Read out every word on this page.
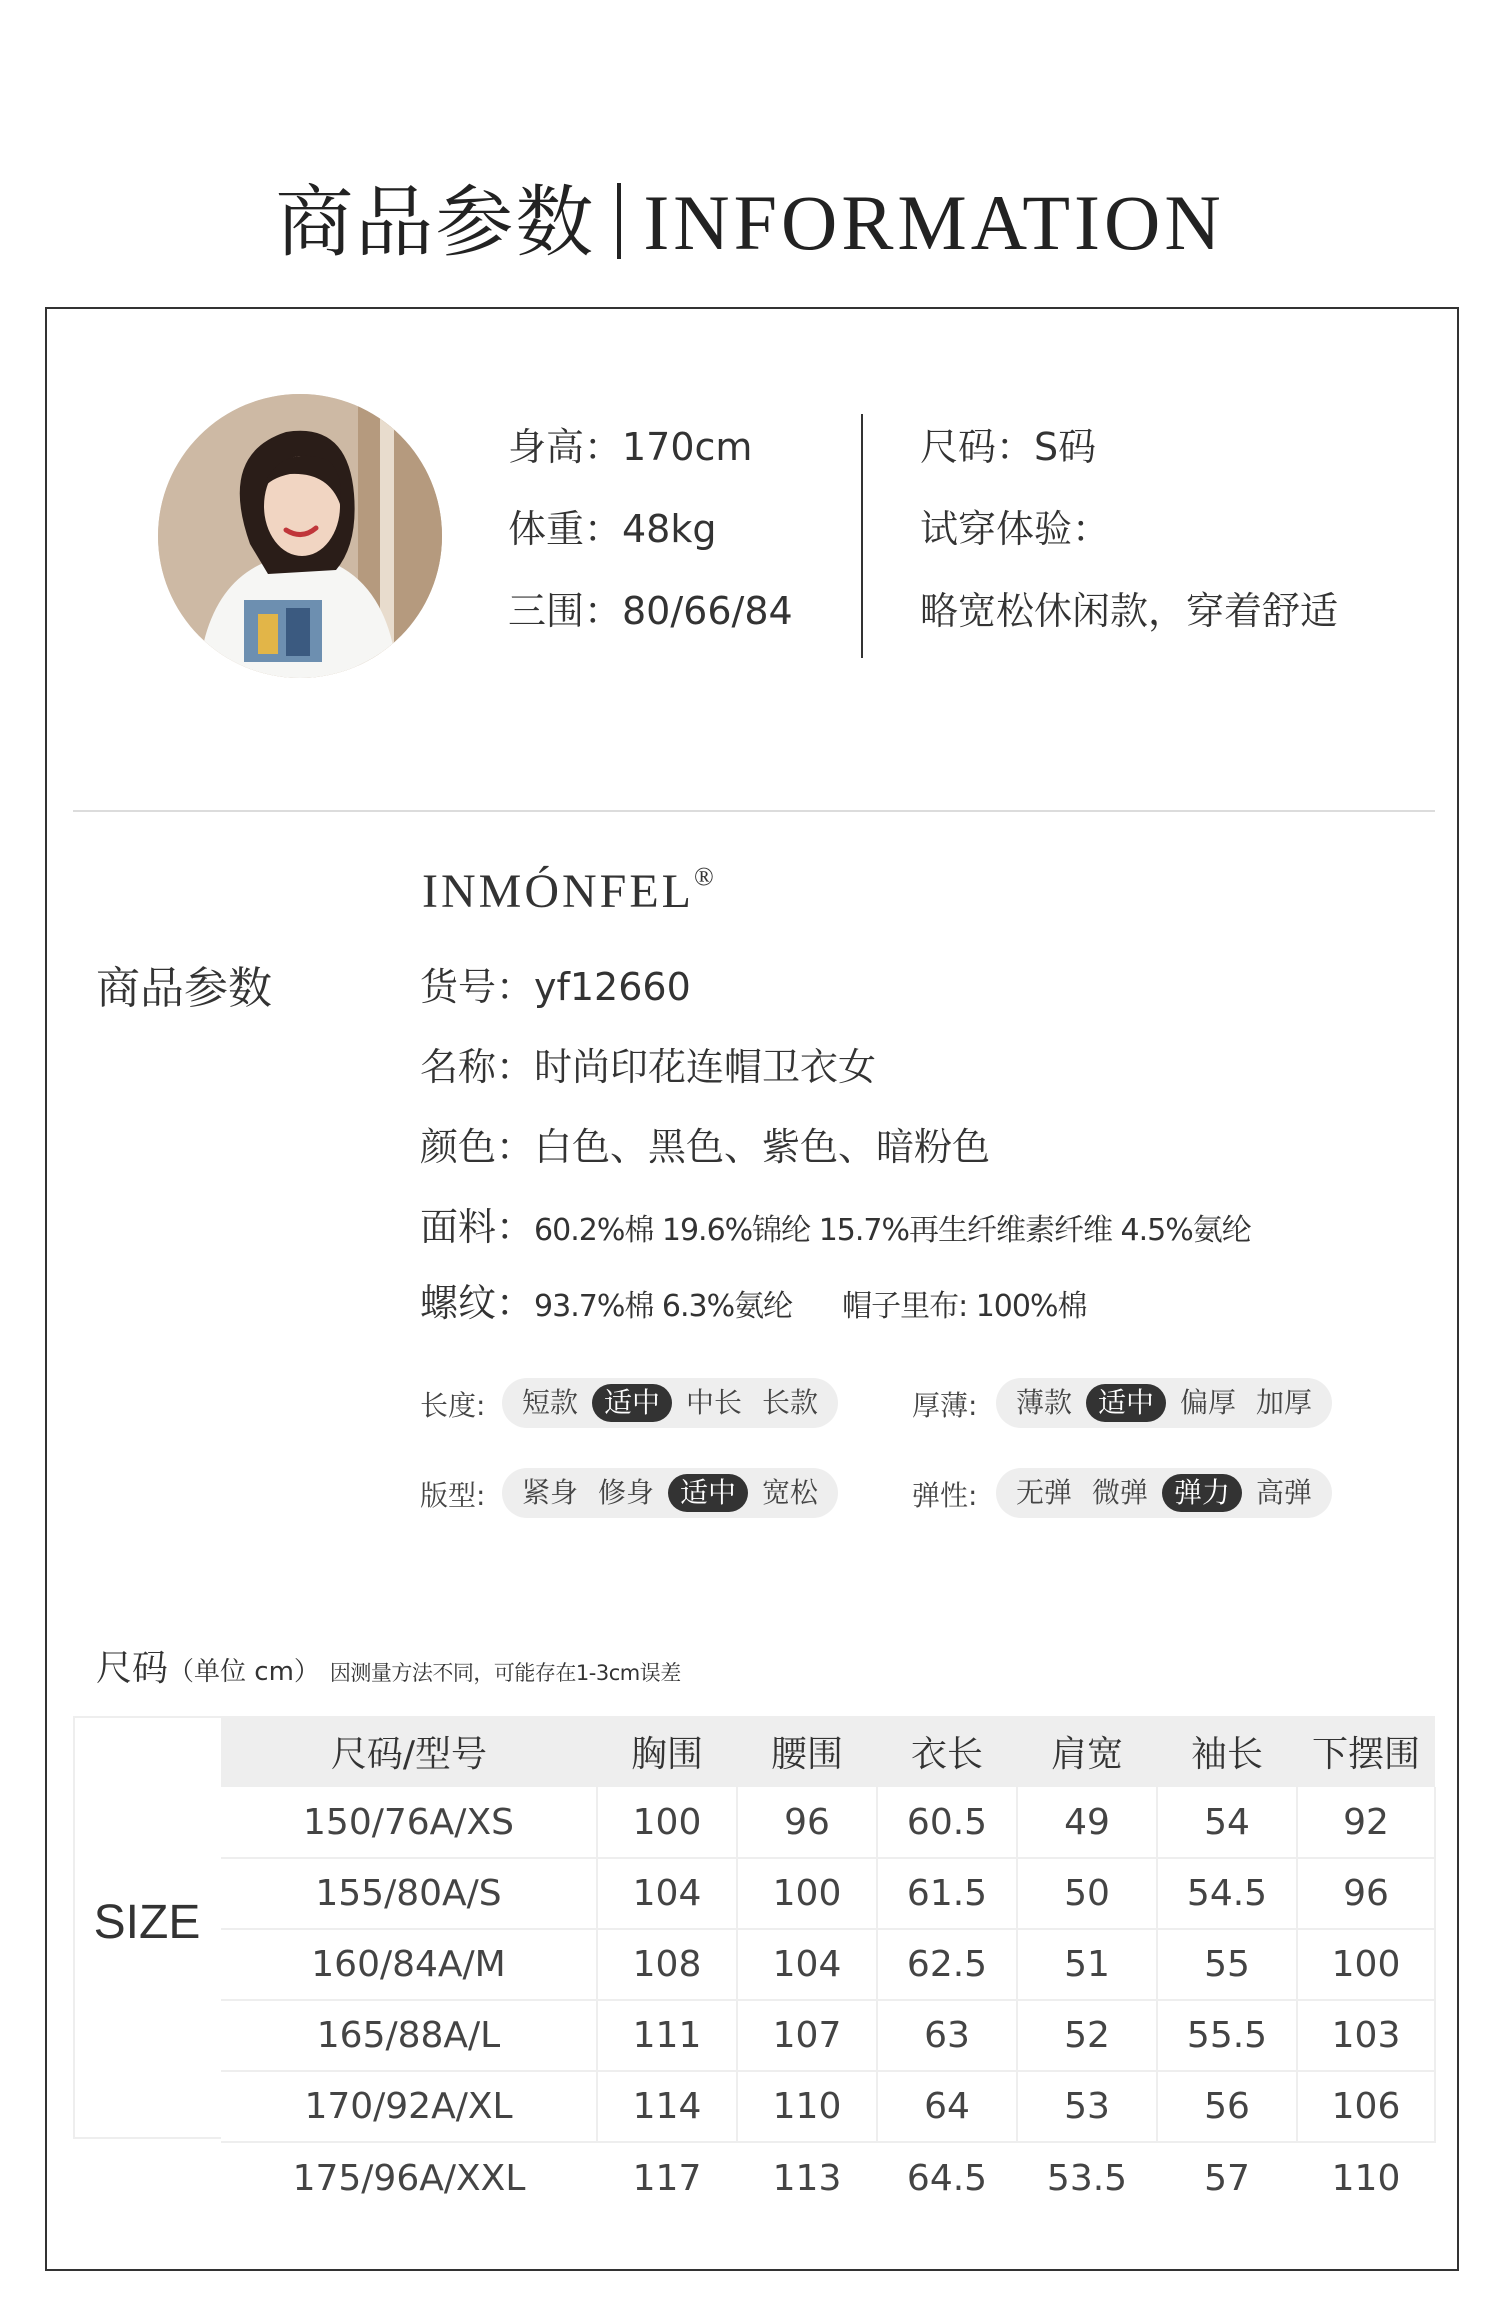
商品参数 INFORMATION
身高：170cm
体重：48kg
三围：80/66/84
尺码：S码
试穿体验：
略宽松休闲款，穿着舒适
INMÓNFEL®
商品参数	货号：yf12660
名称：时尚印花连帽卫衣女
颜色：白色、黑色、紫色、暗粉色
面料：60.2%棉 19.6%锦纶 15.7%再生纤维素纤维 4.5%氨纶
螺纹：93.7%棉 6.3%氨纶 帽子里布: 100%棉
长度:	短款 适中 中长 长款	厚薄:	薄款 适中 偏厚 加厚
版型:	紧身 修身 适中 宽松	弹性:	无弹 微弹 弹力 高弹
尺码（单位 cm） 因测量方法不同，可能存在1-3cm误差
SIZE
尺码/型号	胸围	腰围	衣长	肩宽	袖长	下摆围
150/76A/XS	100	96	60.5	49	54	92
155/80A/S	104	100	61.5	50	54.5	96
160/84A/M	108	104	62.5	51	55	100
165/88A/L	111	107	63	52	55.5	103
170/92A/XL	114	110	64	53	56	106
175/96A/XXL	117	113	64.5	53.5	57	110
